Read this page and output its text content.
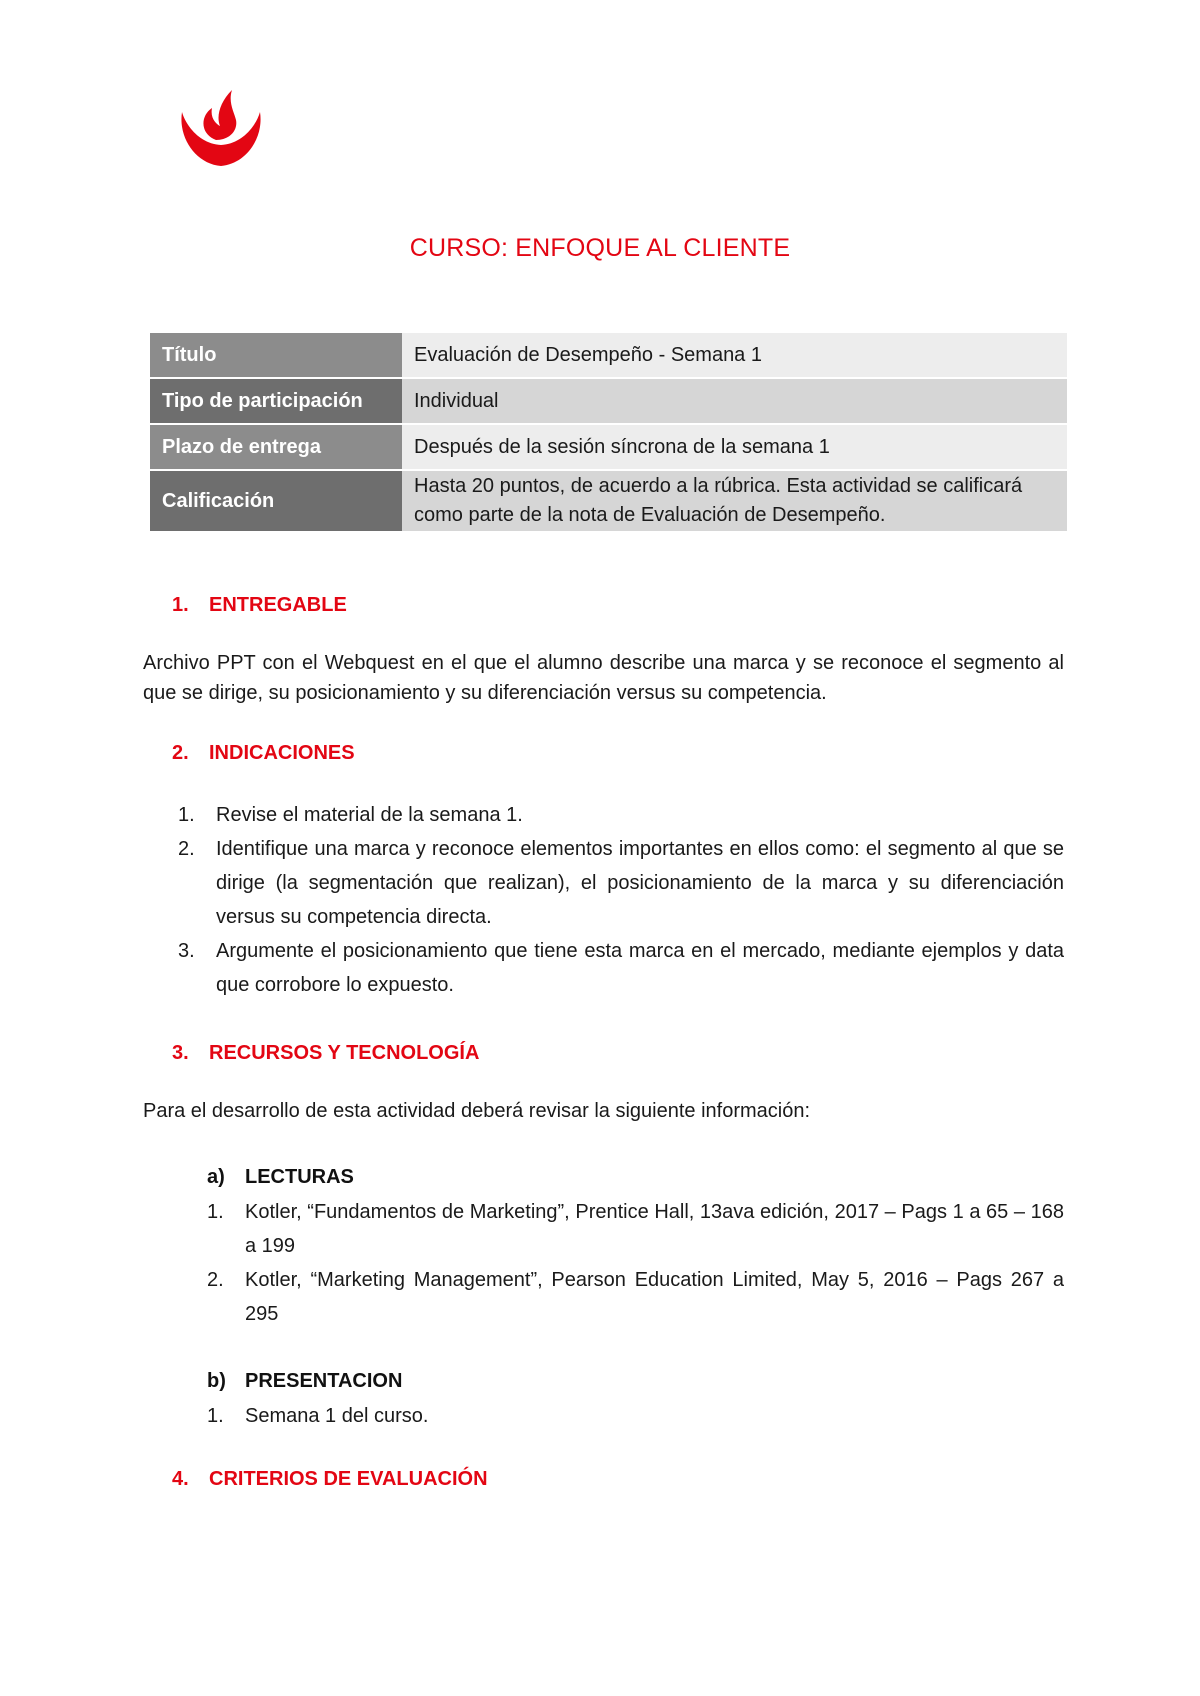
CURSO: ENFOQUE AL CLIENTE
Título	Evaluación de Desempeño - Semana 1
Tipo de participación	Individual
Plazo de entrega	Después de la sesión síncrona de la semana 1
Calificación	Hasta 20 puntos, de acuerdo a la rúbrica. Esta actividad se calificará como parte de la nota de Evaluación de Desempeño.
1. ENTREGABLE
Archivo PPT con el Webquest en el que el alumno describe una marca y se reconoce el segmento al que se dirige, su posicionamiento y su diferenciación versus su competencia.
2. INDICACIONES
1. Revise el material de la semana 1.
2. Identifique una marca y reconoce elementos importantes en ellos como: el segmento al que se dirige (la segmentación que realizan), el posicionamiento de la marca y su diferenciación versus su competencia directa.
3. Argumente el posicionamiento que tiene esta marca en el mercado, mediante ejemplos y data que corrobore lo expuesto.
3. RECURSOS Y TECNOLOGÍA
Para el desarrollo de esta actividad deberá revisar la siguiente información:
a) LECTURAS
1. Kotler, “Fundamentos de Marketing”, Prentice Hall, 13ava edición, 2017 – Pags 1 a 65 – 168 a 199
2. Kotler, “Marketing Management”, Pearson Education Limited, May 5, 2016 – Pags 267 a 295
b) PRESENTACION
1. Semana 1 del curso.
4. CRITERIOS DE EVALUACIÓN
